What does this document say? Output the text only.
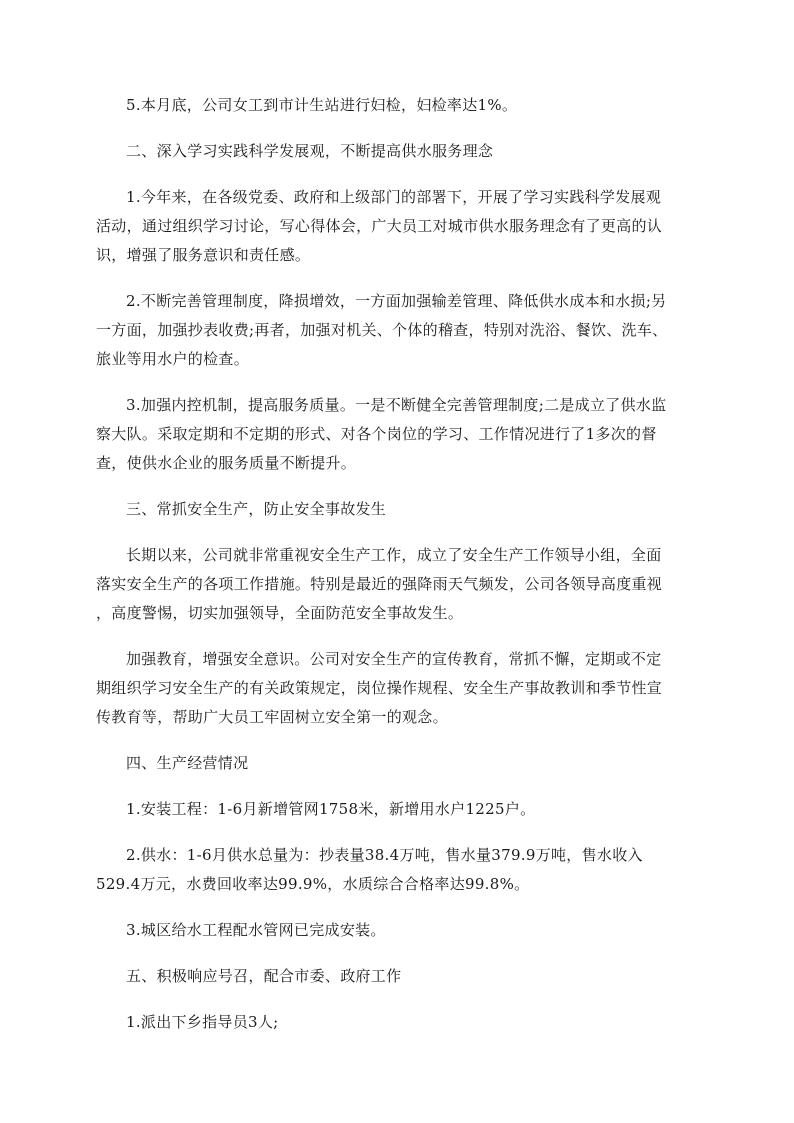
5.本月底，公司女工到市计生站进行妇检，妇检率达1%。

二、深入学习实践科学发展观，不断提高供水服务理念

1.今年来，在各级党委、政府和上级部门的部署下，开展了学习实践科学发展观
活动，通过组织学习讨论，写心得体会，广大员工对城市供水服务理念有了更高的认
识，增强了服务意识和责任感。

2.不断完善管理制度，降损增效，一方面加强输差管理、降低供水成本和水损;另
一方面，加强抄表收费;再者，加强对机关、个体的稽查，特别对洗浴、餐饮、洗车、
旅业等用水户的检查。

3.加强内控机制，提高服务质量。一是不断健全完善管理制度;二是成立了供水监
察大队。采取定期和不定期的形式、对各个岗位的学习、工作情况进行了1多次的督
查，使供水企业的服务质量不断提升。

三、常抓安全生产，防止安全事故发生

长期以来，公司就非常重视安全生产工作，成立了安全生产工作领导小组，全面
落实安全生产的各项工作措施。特别是最近的强降雨天气频发，公司各领导高度重视
，高度警惕，切实加强领导，全面防范安全事故发生。

加强教育，增强安全意识。公司对安全生产的宣传教育，常抓不懈，定期或不定
期组织学习安全生产的有关政策规定，岗位操作规程、安全生产事故教训和季节性宣
传教育等，帮助广大员工牢固树立安全第一的观念。

四、生产经营情况

1.安装工程：1-6月新增管网1758米，新增用水户1225户。

2.供水：1-6月供水总量为：抄表量38.4万吨，售水量379.9万吨，售水收入
529.4万元，水费回收率达99.9%，水质综合合格率达99.8%。

3.城区给水工程配水管网已完成安装。

五、积极响应号召，配合市委、政府工作

1.派出下乡指导员3人;
